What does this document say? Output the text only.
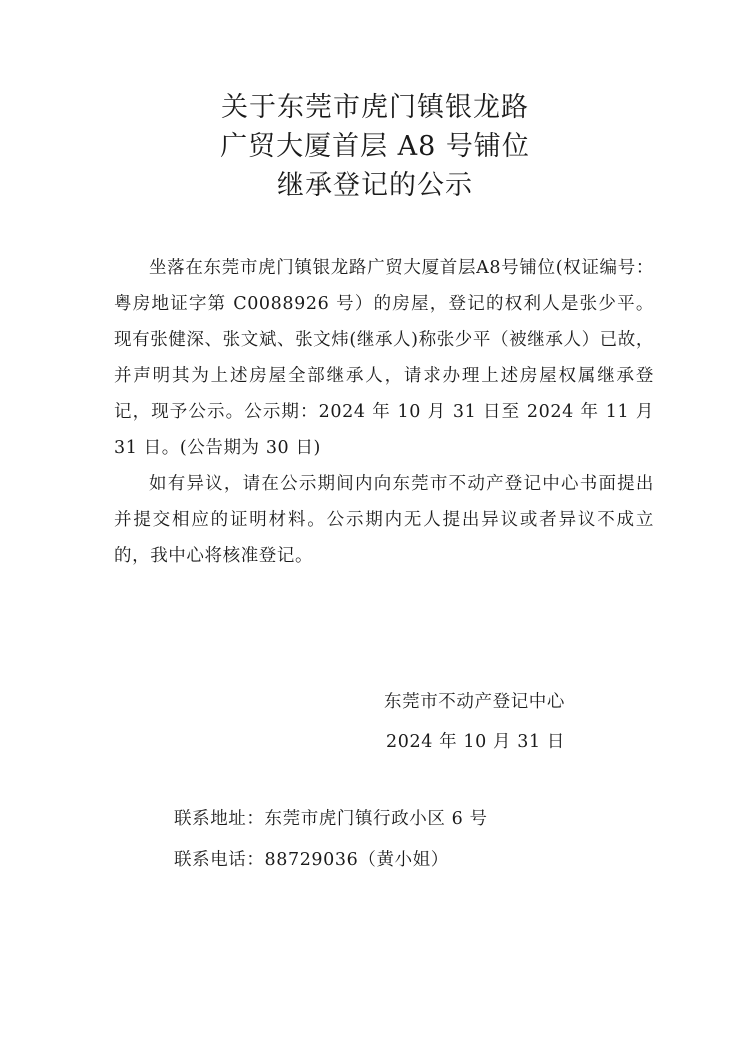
关于东莞市虎门镇银龙路
广贸大厦首层 A8 号铺位
继承登记的公示

坐落在东莞市虎门镇银龙路广贸大厦首层A8号铺位(权证编号：粤房地证字第 C0088926 号）的房屋，登记的权利人是张少平。现有张健深、张文斌、张文炜(继承人)称张少平（被继承人）已故，并声明其为上述房屋全部继承人，请求办理上述房屋权属继承登记，现予公示。公示期：2024 年 10 月 31 日至 2024 年 11 月 31 日。(公告期为 30 日)

如有异议，请在公示期间内向东莞市不动产登记中心书面提出并提交相应的证明材料。公示期内无人提出异议或者异议不成立的，我中心将核准登记。

东莞市不动产登记中心
2024 年 10 月 31 日
联系地址：东莞市虎门镇行政小区 6 号
联系电话：88729036（黄小姐）
